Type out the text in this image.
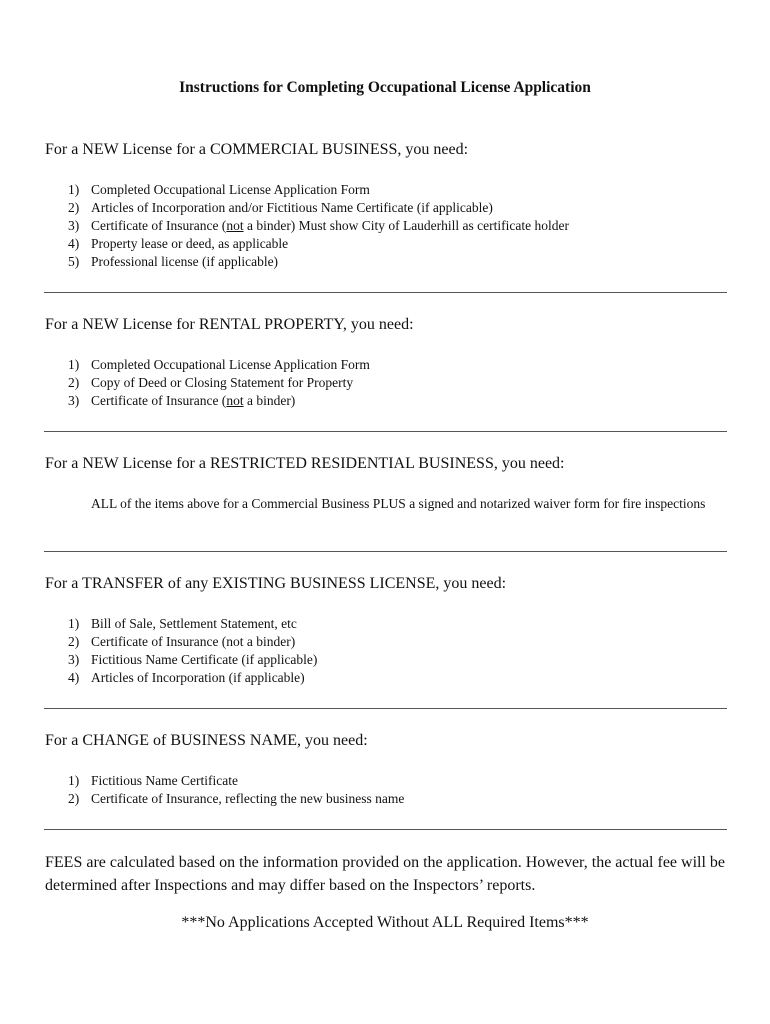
Instructions for Completing Occupational License Application
For a NEW License for a COMMERCIAL BUSINESS, you need:
1) Completed Occupational License Application Form
2) Articles of Incorporation and/or Fictitious Name Certificate (if applicable)
3) Certificate of Insurance (not a binder) Must show City of Lauderhill as certificate holder
4) Property lease or deed, as applicable
5) Professional license (if applicable)
For a NEW License for RENTAL PROPERTY, you need:
1) Completed Occupational License Application Form
2) Copy of Deed or Closing Statement for Property
3) Certificate of Insurance (not a binder)
For a NEW License for a RESTRICTED RESIDENTIAL BUSINESS, you need:
ALL of the items above for a Commercial Business PLUS a signed and notarized waiver form for fire inspections
For a TRANSFER of any EXISTING BUSINESS LICENSE, you need:
1) Bill of Sale, Settlement Statement, etc
2) Certificate of Insurance (not a binder)
3) Fictitious Name Certificate (if applicable)
4) Articles of Incorporation (if applicable)
For a CHANGE of BUSINESS NAME, you need:
1) Fictitious Name Certificate
2) Certificate of Insurance, reflecting the new business name
FEES are calculated based on the information provided on the application. However, the actual fee will be determined after Inspections and may differ based on the Inspectors’ reports.
***No Applications Accepted Without ALL Required Items***
